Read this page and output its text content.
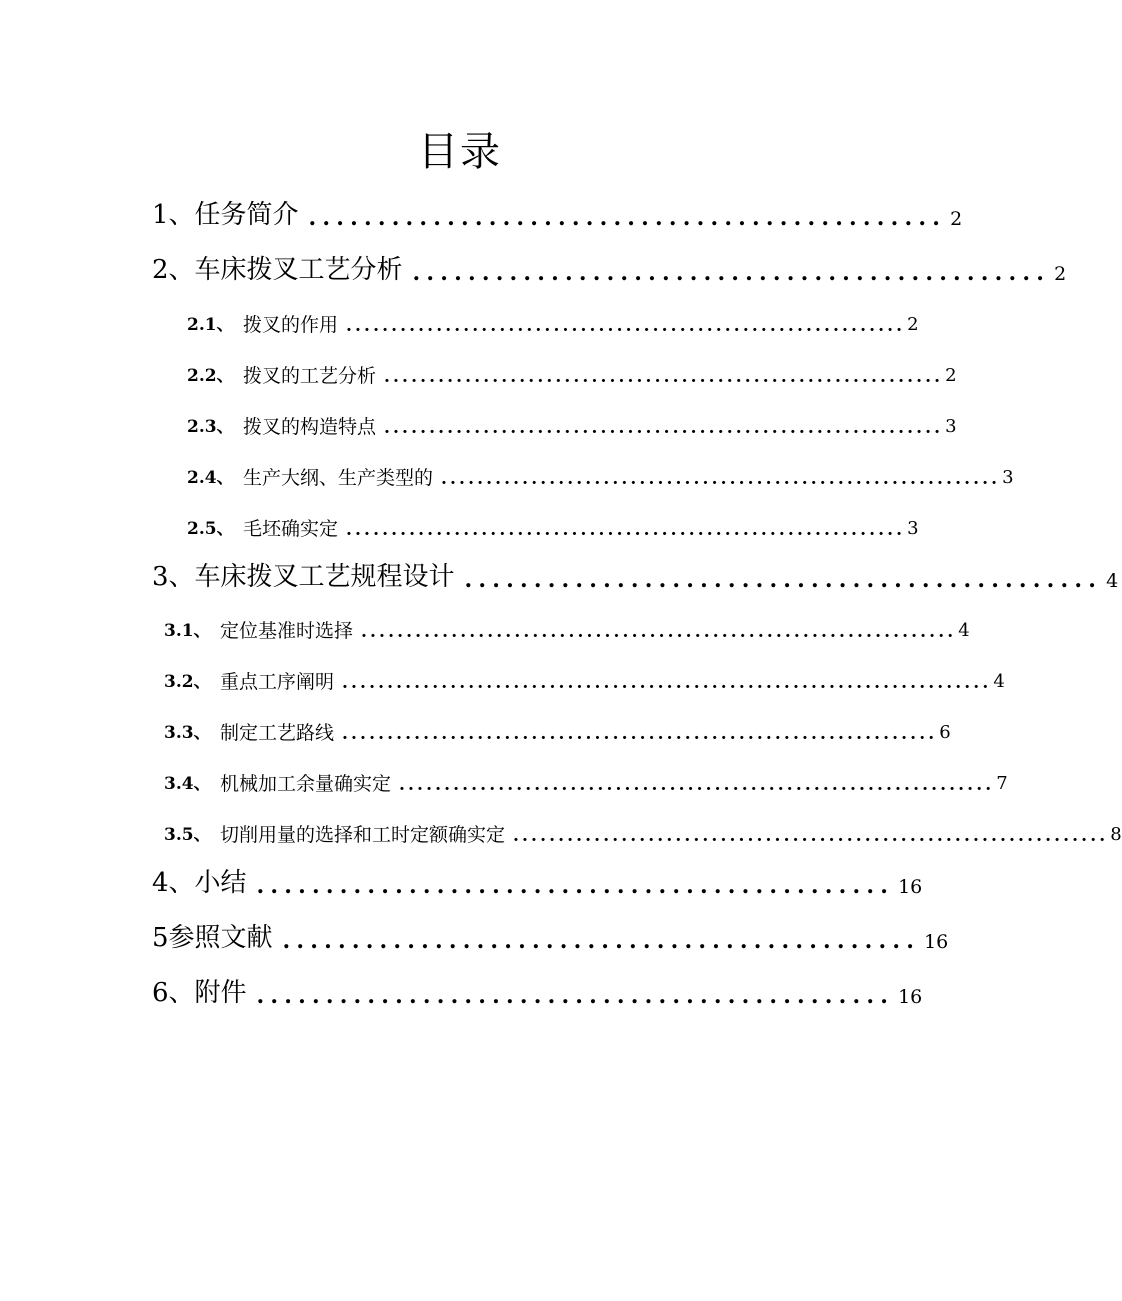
目录
1、任务简介 .............................................. 2
2、车床拨叉工艺分析 .............................................. 2
2.1、 拨叉的作用 .............................................................. 2
2.2、 拨叉的工艺分析 .............................................................. 2
2.3、 拨叉的构造特点 .............................................................. 3
2.4、 生产大纲、生产类型的 .............................................................. 3
2.5、 毛坯确实定 .............................................................. 3
3、车床拨叉工艺规程设计 .............................................. 4
3.1、 定位基准时选择 .................................................................. 4
3.2、 重点工序阐明 ........................................................................ 4
3.3、 制定工艺路线 .................................................................. 6
3.4、 机械加工余量确实定 .................................................................. 7
3.5、 切削用量的选择和工时定额确实定 .................................................................. 8
4、小结 .............................................. 16
5参照文献 .............................................. 16
6、附件 .............................................. 16
